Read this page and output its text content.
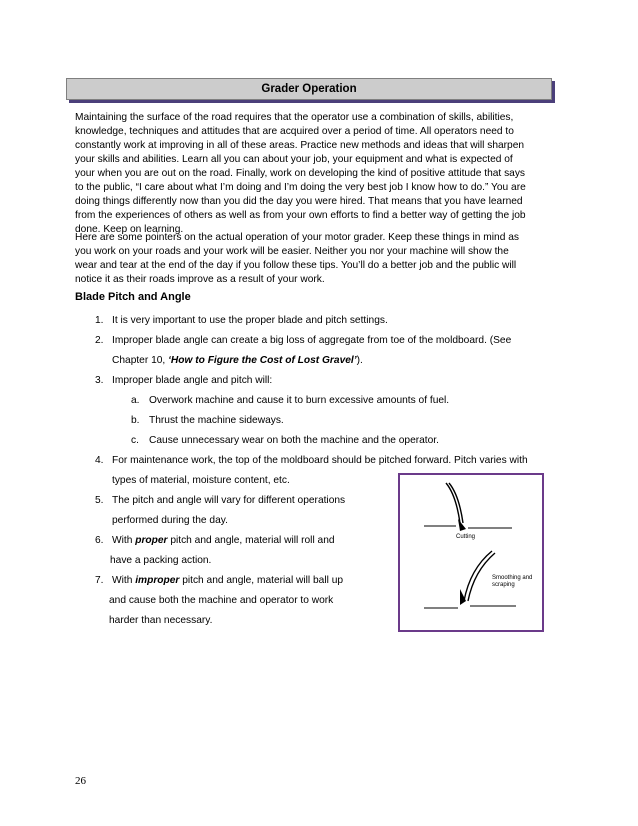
Grader Operation
Maintaining the surface of the road requires that the operator use a combination of skills, abilities,
knowledge, techniques and attitudes that are acquired over a period of time. All operators need to
constantly work at improving in all of these areas. Practice new methods and ideas that will sharpen
your skills and abilities. Learn all you can about your job, your equipment and what is expected of
your when you are out on the road. Finally, work on developing the kind of positive attitude that says
to the public, “I care about what I’m doing and I’m doing the very best job I know how to do.” You are
doing things differently now than you did the day you were hired. That means that you have learned
from the experiences of others as well as from your own efforts to find a better way of getting the job
done. Keep on learning.
Here are some pointers on the actual operation of your motor grader. Keep these things in mind as
you work on your roads and your work will be easier. Neither you nor your machine will show the
wear and tear at the end of the day if you follow these tips. You’ll do a better job and the public will
notice it as their roads improve as a result of your work.
Blade Pitch and Angle
1. It is very important to use the proper blade and pitch settings.
2. Improper blade angle can create a big loss of aggregate from toe of the moldboard. (See
Chapter 10, ‘How to Figure the Cost of Lost Gravel’).
3. Improper blade angle and pitch will:
a. Overwork machine and cause it to burn excessive amounts of fuel.
b. Thrust the machine sideways.
c. Cause unnecessary wear on both the machine and the operator.
4. For maintenance work, the top of the moldboard should be pitched forward. Pitch varies with
types of material, moisture content, etc.
5. The pitch and angle will vary for different operations
performed during the day.
6. With proper pitch and angle, material will roll and
have a packing action.
7. With improper pitch and angle, material will ball up
and cause both the machine and operator to work
harder than necessary.
Cutting
Smoothing and
scraping
26
